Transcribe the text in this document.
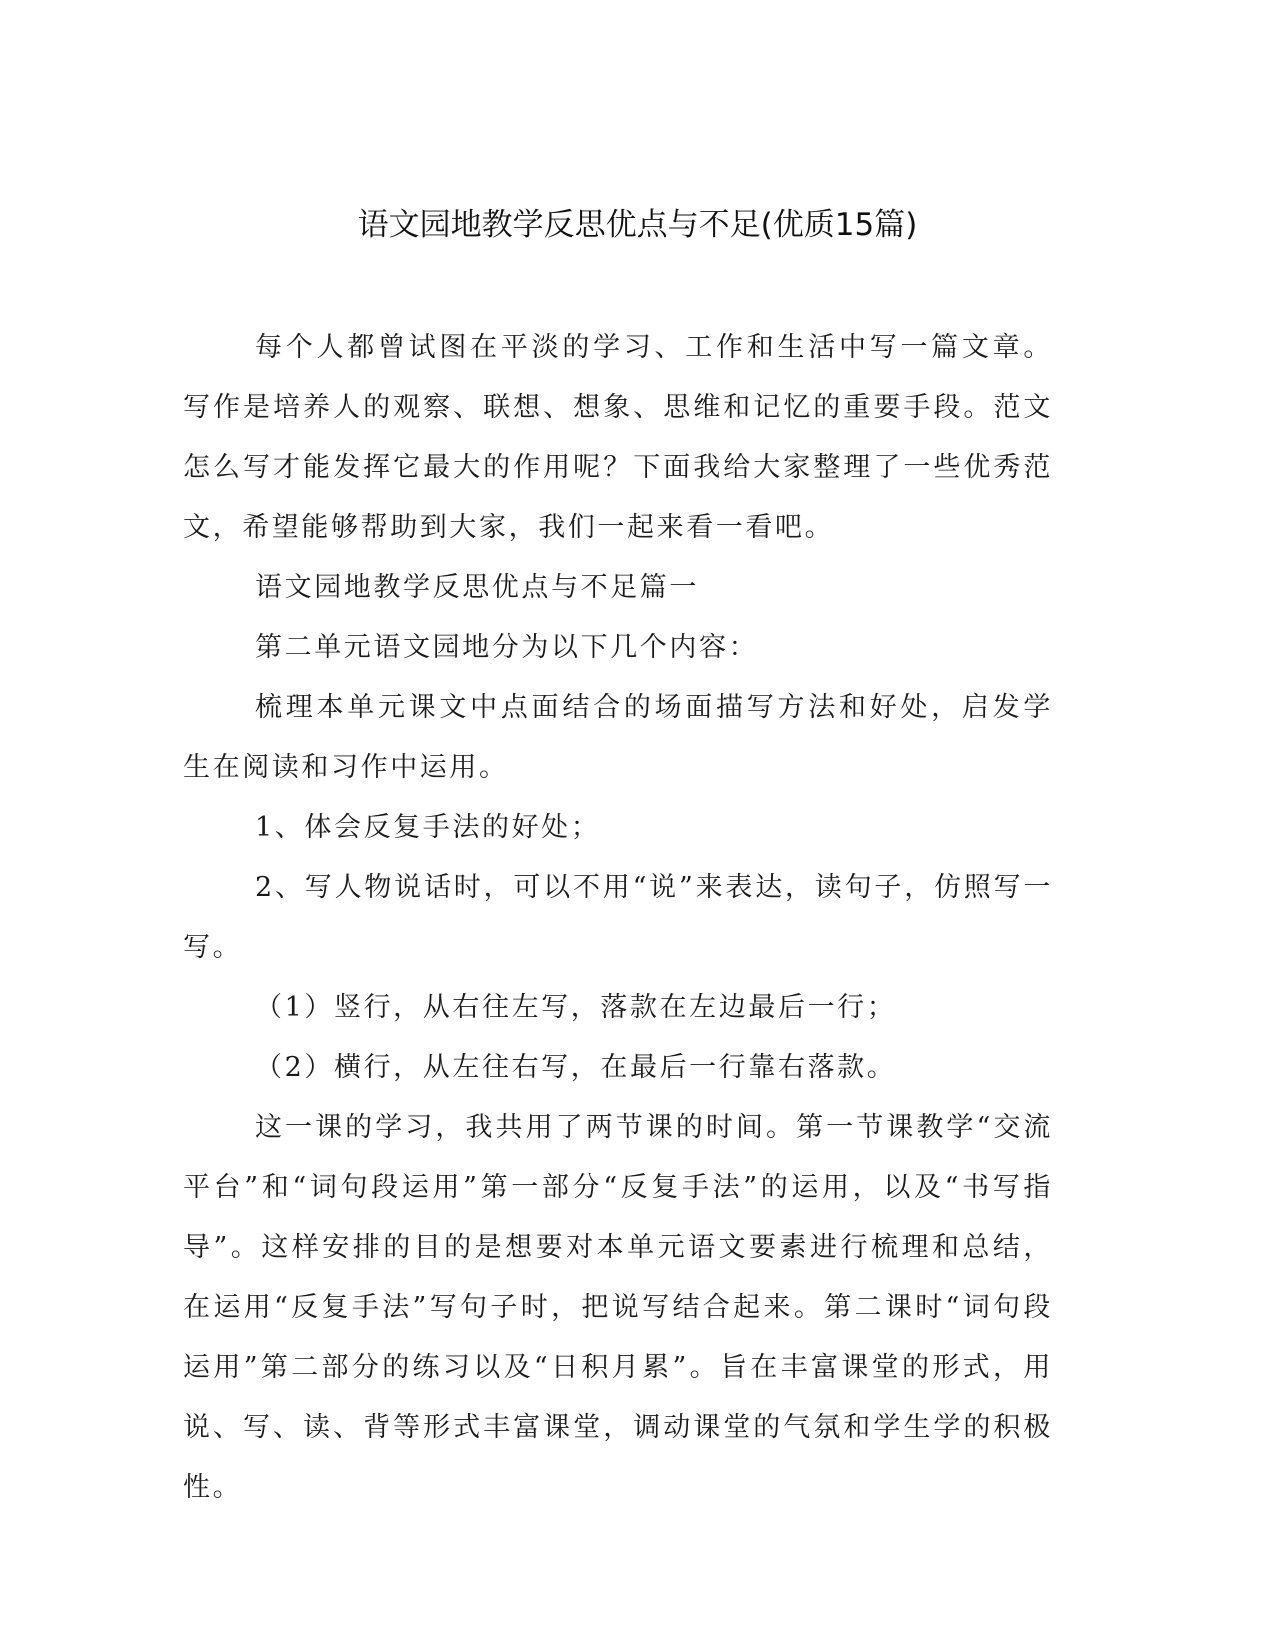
语文园地教学反思优点与不足(优质15篇)

每个人都曾试图在平淡的学习、工作和生活中写一篇文章。写作是培养人的观察、联想、想象、思维和记忆的重要手段。范文怎么写才能发挥它最大的作用呢？下面我给大家整理了一些优秀范文，希望能够帮助到大家，我们一起来看一看吧。

语文园地教学反思优点与不足篇一

第二单元语文园地分为以下几个内容：

梳理本单元课文中点面结合的场面描写方法和好处，启发学生在阅读和习作中运用。

1、体会反复手法的好处；

2、写人物说话时，可以不用“说”来表达，读句子，仿照写一写。

（1）竖行，从右往左写，落款在左边最后一行；

（2）横行，从左往右写，在最后一行靠右落款。

这一课的学习，我共用了两节课的时间。第一节课教学“交流平台”和“词句段运用”第一部分“反复手法”的运用，以及“书写指导”。这样安排的目的是想要对本单元语文要素进行梳理和总结，在运用“反复手法”写句子时，把说写结合起来。第二课时“词句段运用”第二部分的练习以及“日积月累”。旨在丰富课堂的形式，用说、写、读、背等形式丰富课堂，调动课堂的气氛和学生学的积极性。
